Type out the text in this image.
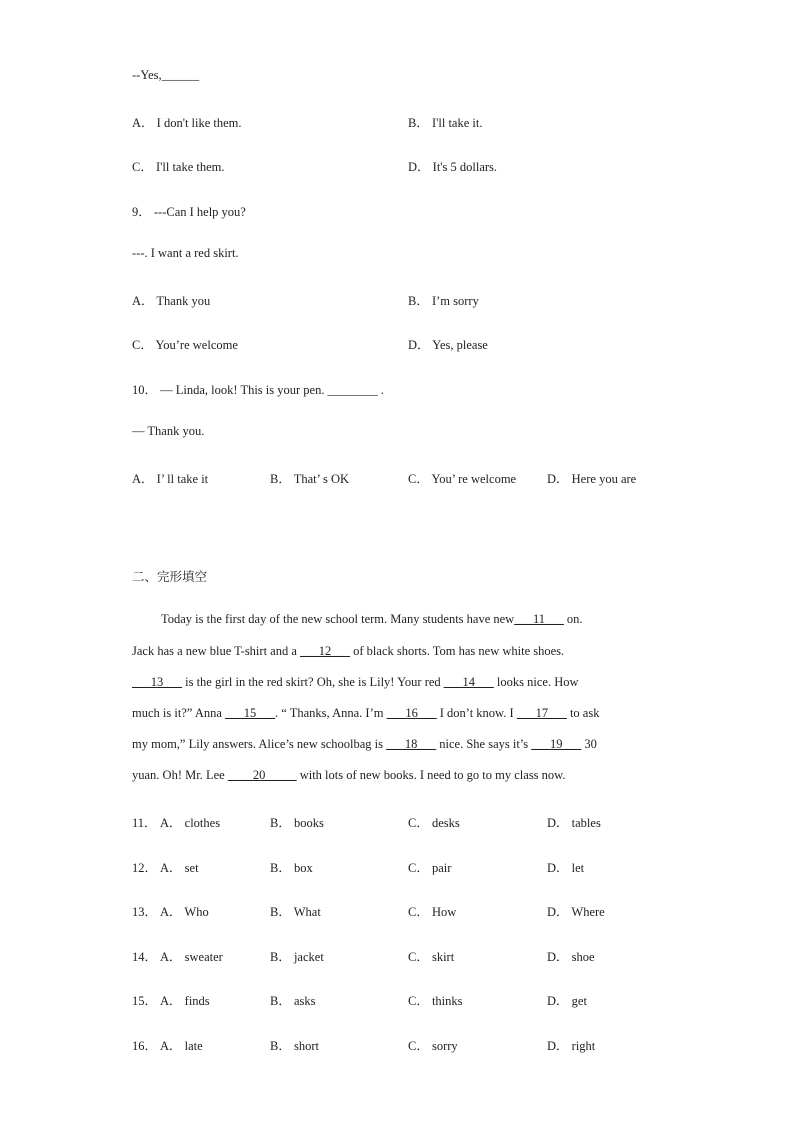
--Yes,______
A． I don't like them.	B． I'll take it.
C． I'll take them.	D． It's 5 dollars.
9． ---Can I help you?
---. I want a red skirt.
A． Thank you	B． I’m sorry
C． You’re welcome	D． Yes, please
10． — Linda, look! This is your pen. ________ .
— Thank you.
A． I’ ll take it	B． That’ s OK	C． You’ re welcome D． Here you are
二、完形填空
Today is the first day of the new school term. Many students have new___11___ on.
Jack has a new blue T-shirt and a ___12___ of black shorts. Tom has new white shoes.
___13___ is the girl in the red skirt? Oh, she is Lily! Your red ___14___ looks nice. How
much is it?” Anna ___15___. “ Thanks, Anna. I’m ___16___ I don’t know. I ___17___ to ask
my mom,” Lily answers. Alice’s new schoolbag is ___18___ nice. She says it’s ___19___ 30
yuan. Oh! Mr. Lee ____20_____ with lots of new books. I need to go to my class now.
11． A． clothes	B． books	C． desks	D． tables
12． A． set	B． box	C． pair	D． let
13． A． Who	B． What	C． How	D． Where
14． A． sweater	B． jacket	C． skirt	D． shoe
15． A． finds	B． asks	C． thinks	D． get
16． A． late	B． short	C． sorry	D． right
